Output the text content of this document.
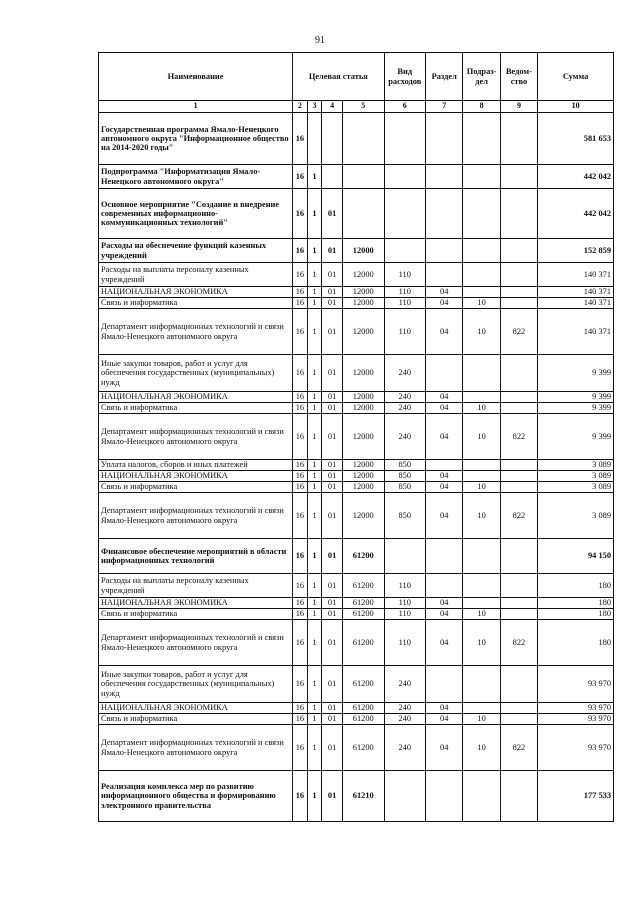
91
Наименование	Целевая статья				Вид расходов	Раздел	Подраз-дел	Ведом-ство	Сумма
1	2	3	4	5	6	7	8	9	10
Государственная программа Ямало-Ненецкого автономного округа "Информационное общество на 2014-2020 годы"	16								581 653
Подпрограмма "Информатизация Ямало-Ненецкого автономного округа"	16	1							442 042
Основное мероприятие "Создание и внедрение современных информационно-коммуникационных технологий"	16	1	01						442 042
Расходы на обеспечение функций казенных учреждений	16	1	01	12000					152 859
Расходы на выплаты персоналу казенных учреждений	16	1	01	12000	110				140 371
НАЦИОНАЛЬНАЯ ЭКОНОМИКА	16	1	01	12000	110	04			140 371
Связь и информатика	16	1	01	12000	110	04	10		140 371
Департамент информационных технологий и связи Ямало-Ненецкого автономного округа	16	1	01	12000	110	04	10	822	140 371
Иные закупки товаров, работ и услуг для обеспечения государственных (муниципальных) нужд	16	1	01	12000	240				9 399
НАЦИОНАЛЬНАЯ ЭКОНОМИКА	16	1	01	12000	240	04			9 399
Связь и информатика	16	1	01	12000	240	04	10		9 399
Департамент информационных технологий и связи Ямало-Ненецкого автономного округа	16	1	01	12000	240	04	10	822	9 399
Уплата налогов, сборов и иных платежей	16	1	01	12000	850				3 089
НАЦИОНАЛЬНАЯ ЭКОНОМИКА	16	1	01	12000	850	04			3 089
Связь и информатика	16	1	01	12000	850	04	10		3 089
Департамент информационных технологий и связи Ямало-Ненецкого автономного округа	16	1	01	12000	850	04	10	822	3 089
Финансовое обеспечение мероприятий в области информационных технологий	16	1	01	61200					94 150
Расходы на выплаты персоналу казенных учреждений	16	1	01	61200	110				180
НАЦИОНАЛЬНАЯ ЭКОНОМИКА	16	1	01	61200	110	04			180
Связь и информатика	16	1	01	61200	110	04	10		180
Департамент информационных технологий и связи Ямало-Ненецкого автономного округа	16	1	01	61200	110	04	10	822	180
Иные закупки товаров, работ и услуг для обеспечения государственных (муниципальных) нужд	16	1	01	61200	240				93 970
НАЦИОНАЛЬНАЯ ЭКОНОМИКА	16	1	01	61200	240	04			93 970
Связь и информатика	16	1	01	61200	240	04	10		93 970
Департамент информационных технологий и связи Ямало-Ненецкого автономного округа	16	1	01	61200	240	04	10	822	93 970
Реализация комплекса мер по развитию информационного общества и формированию электронного правительства	16	1	01	61210					177 533
